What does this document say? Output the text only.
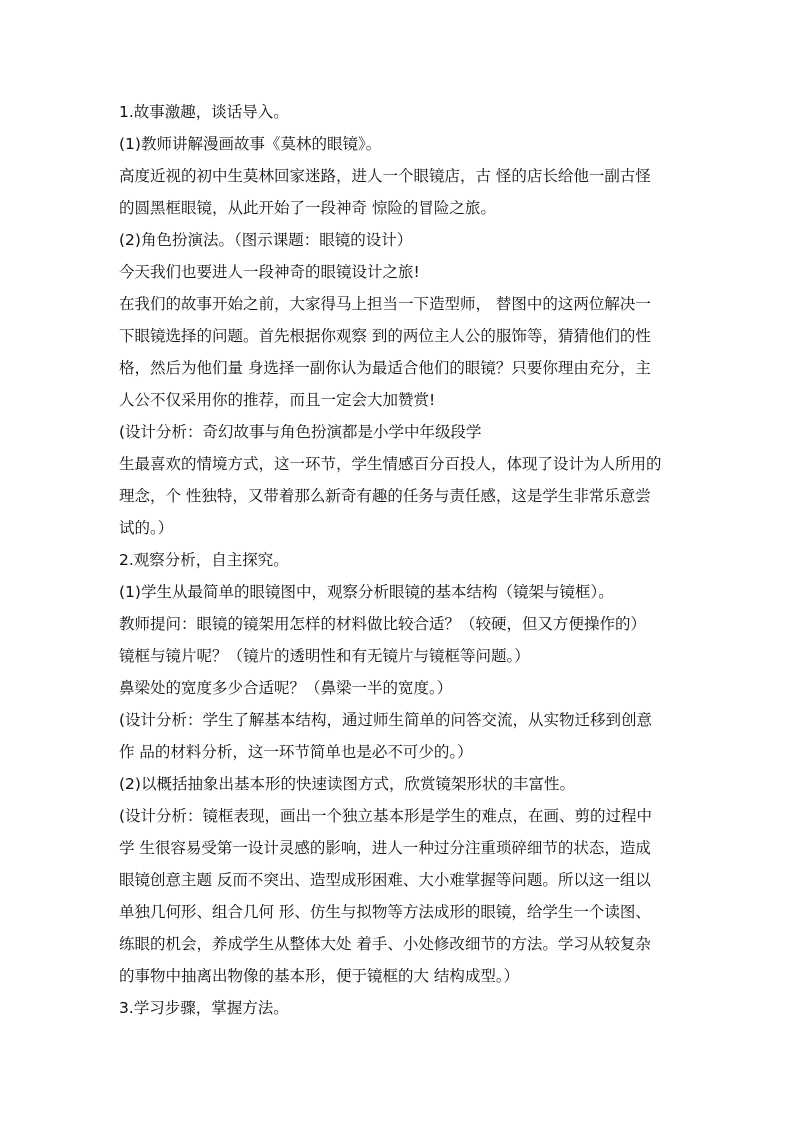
1.故事激趣，谈话导入。
(1)教师讲解漫画故事《莫林的眼镜》。
高度近视的初中生莫林回家迷路，进人一个眼镜店，古 怪的店长给他一副古怪
的圆黑框眼镜，从此开始了一段神奇 惊险的冒险之旅。
(2)角色扮演法。（图示课题：眼镜的设计）
今天我们也要进人一段神奇的眼镜设计之旅!
在我们的故事开始之前，大家得马上担当一下造型师， 替图中的这两位解决一
下眼镜选择的问题。首先根据你观察 到的两位主人公的服饰等，猜猜他们的性
格，然后为他们量 身选择一副你认为最适合他们的眼镜？只要你理由充分，主
人公不仅采用你的推荐，而且一定会大加赞赏!
(设计分析：奇幻故事与角色扮演都是小学中年级段学
生最喜欢的情境方式，这一环节，学生情感百分百投人，体现了设计为人所用的
理念，个 性独特，又带着那么新奇有趣的任务与责任感，这是学生非常乐意尝
试的。）
2.观察分析，自主探究。
(1)学生从最简单的眼镜图中，观察分析眼镜的基本结构（镜架与镜框）。
教师提问：眼镜的镜架用怎样的材料做比较合适？（较硬，但又方便操作的）
镜框与镜片呢？（镜片的透明性和有无镜片与镜框等问题。）
鼻梁处的宽度多少合适呢？（鼻梁一半的宽度。）
(设计分析：学生了解基本结构，通过师生简单的问答交流，从实物迁移到创意
作 品的材料分析，这一环节简单也是必不可少的。）
(2)以概括抽象出基本形的快速读图方式，欣赏镜架形状的丰富性。
(设计分析：镜框表现，画出一个独立基本形是学生的难点，在画、剪的过程中
学 生很容易受第一设计灵感的影响，进人一种过分注重琐碎细节的状态，造成
眼镜创意主题 反而不突出、造型成形困难、大小难掌握等问题。所以这一组以
单独几何形、组合几何 形、仿生与拟物等方法成形的眼镜，给学生一个读图、
练眼的机会，养成学生从整体大处 着手、小处修改细节的方法。学习从较复杂
的事物中抽离出物像的基本形，便于镜框的大 结构成型。）
3.学习步骤，掌握方法。
